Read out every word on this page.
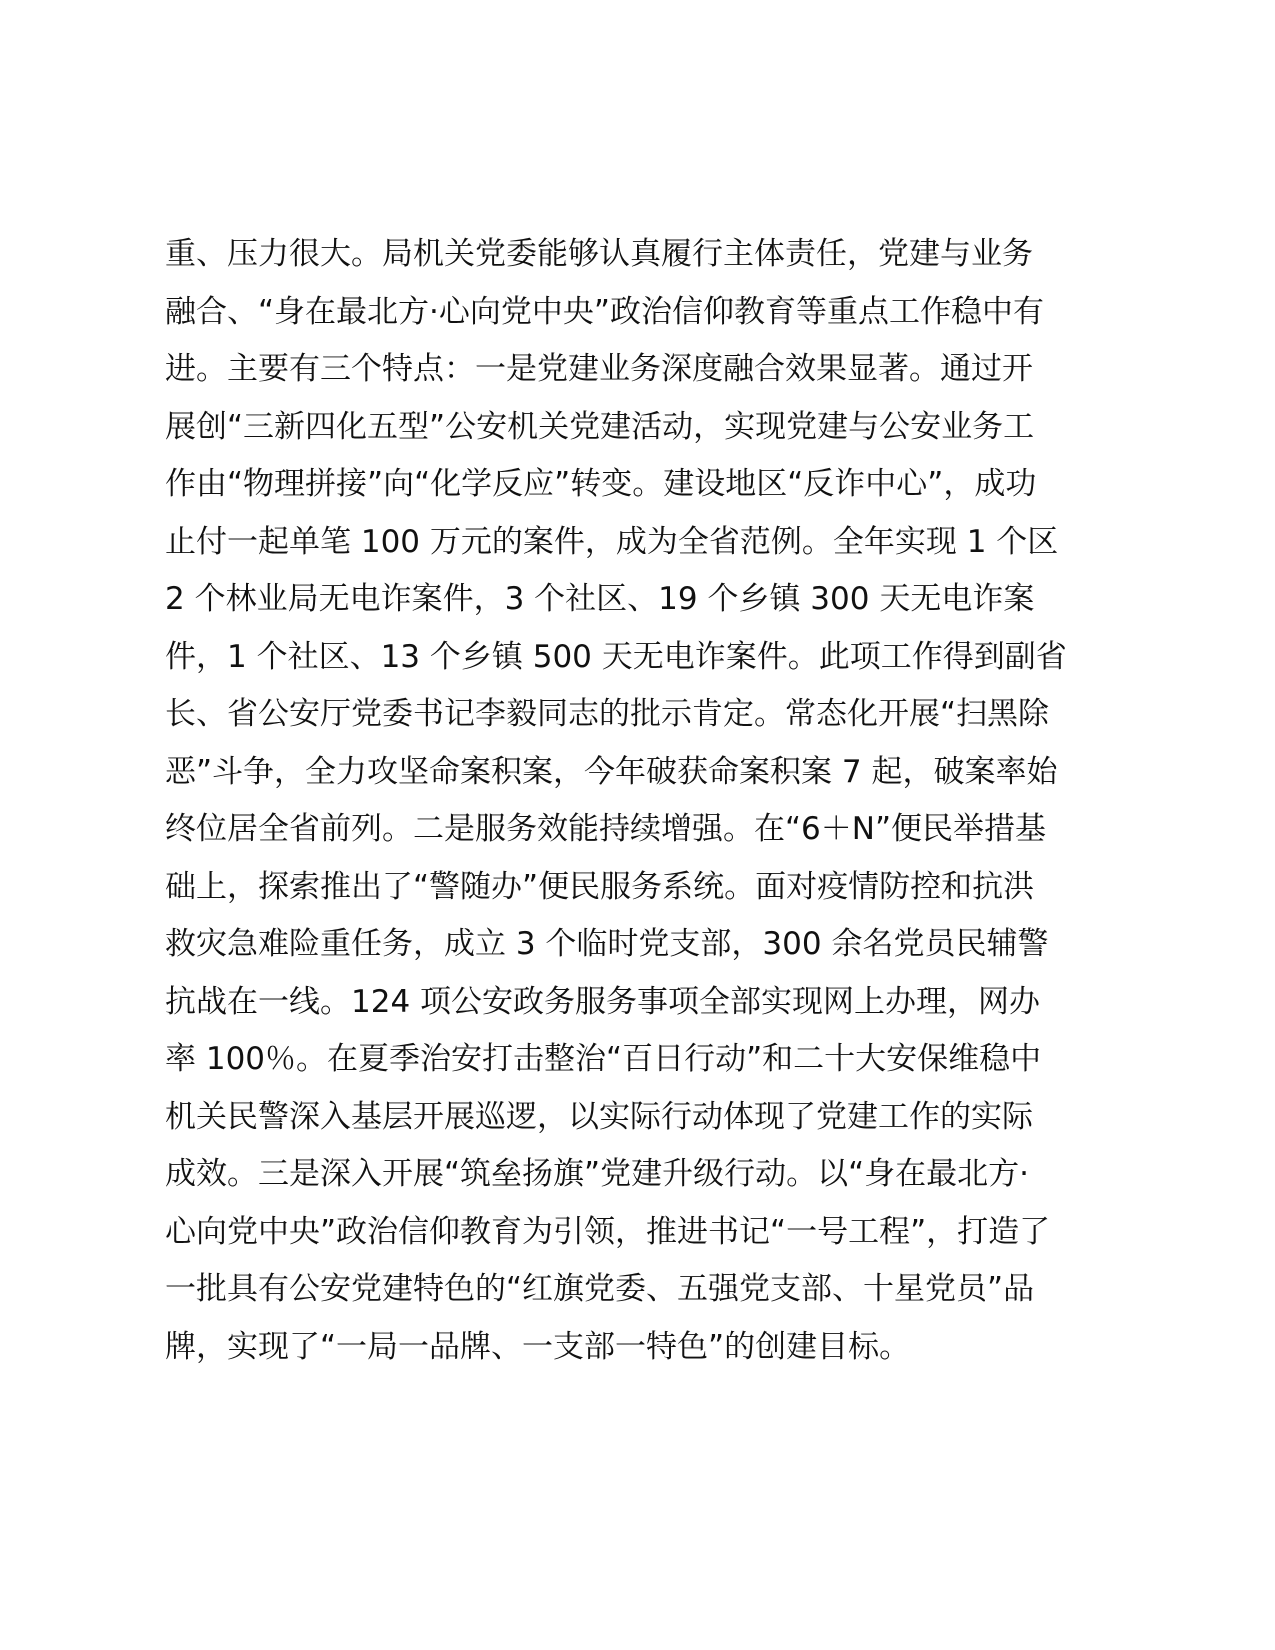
重、压力很大。局机关党委能够认真履行主体责任，党建与业务
融合、“身在最北方·心向党中央”政治信仰教育等重点工作稳中有
进。主要有三个特点：一是党建业务深度融合效果显著。通过开
展创“三新四化五型”公安机关党建活动，实现党建与公安业务工
作由“物理拼接”向“化学反应”转变。建设地区“反诈中心”，成功
止付一起单笔 100 万元的案件，成为全省范例。全年实现 1 个区
2 个林业局无电诈案件，3 个社区、19 个乡镇 300 天无电诈案
件，1 个社区、13 个乡镇 500 天无电诈案件。此项工作得到副省
长、省公安厅党委书记李毅同志的批示肯定。常态化开展“扫黑除
恶”斗争，全力攻坚命案积案，今年破获命案积案 7 起，破案率始
终位居全省前列。二是服务效能持续增强。在“6＋N”便民举措基
础上，探索推出了“警随办”便民服务系统。面对疫情防控和抗洪
救灾急难险重任务，成立 3 个临时党支部，300 余名党员民辅警
抗战在一线。124 项公安政务服务事项全部实现网上办理，网办
率 100％。在夏季治安打击整治“百日行动”和二十大安保维稳中
机关民警深入基层开展巡逻，以实际行动体现了党建工作的实际
成效。三是深入开展“筑垒扬旗”党建升级行动。以“身在最北方·
心向党中央”政治信仰教育为引领，推进书记“一号工程”，打造了
一批具有公安党建特色的“红旗党委、五强党支部、十星党员”品
牌，实现了“一局一品牌、一支部一特色”的创建目标。
